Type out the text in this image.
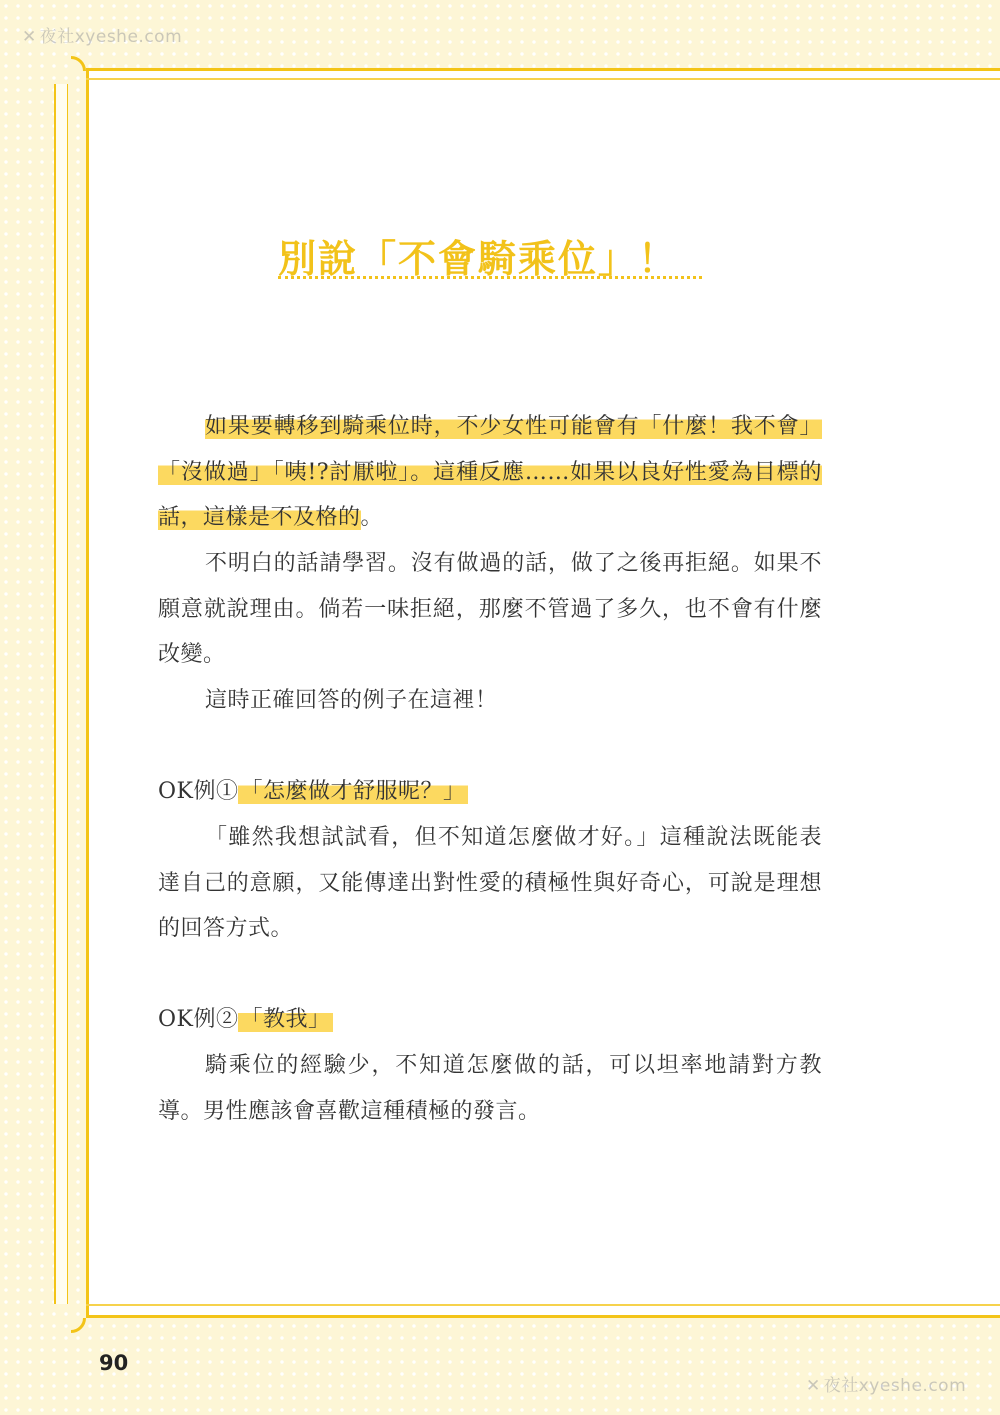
✕ 夜社xyeshe.com
別說「不會騎乘位」！

如果要轉移到騎乘位時，不少女性可能會有「什麼！我不會」「沒做過」「咦!?討厭啦」。這種反應……如果以良好性愛為目標的話，這樣是不及格的。

不明白的話請學習。沒有做過的話，做了之後再拒絕。如果不願意就說理由。倘若一味拒絕，那麼不管過了多久，也不會有什麼改變。

這時正確回答的例子在這裡！

OK例①「怎麼做才舒服呢？」

「雖然我想試試看，但不知道怎麼做才好。」這種說法既能表達自己的意願，又能傳達出對性愛的積極性與好奇心，可說是理想的回答方式。

OK例②「教我」

騎乘位的經驗少，不知道怎麼做的話，可以坦率地請對方教導。男性應該會喜歡這種積極的發言。

90
✕ 夜社xyeshe.com
